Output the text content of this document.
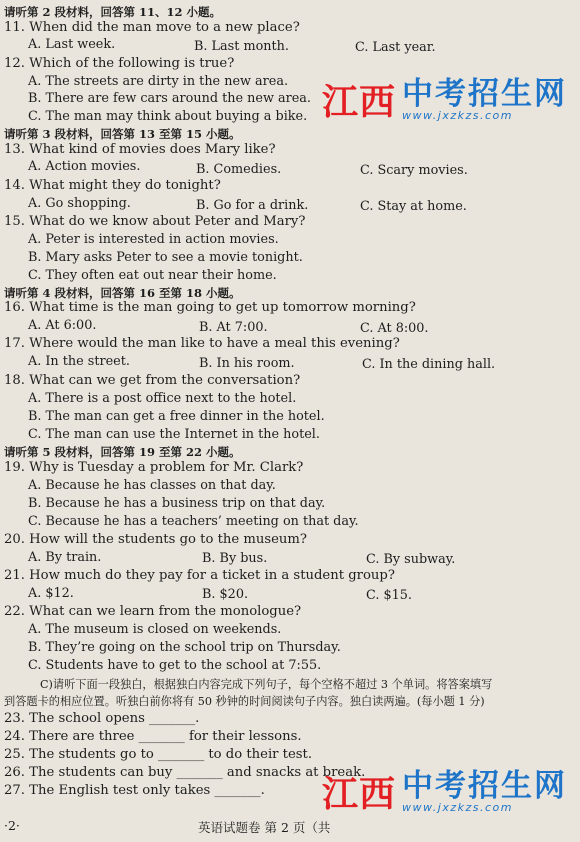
请听第 2 段材料，回答第 11、12 小题。
11. When did the man move to a new place?
A. Last week.	B. Last month.	C. Last year.
12. Which of the following is true?
A. The streets are dirty in the new area.
B. There are few cars around the new area.
C. The man may think about buying a bike.
请听第 3 段材料，回答第 13 至第 15 小题。
13. What kind of movies does Mary like?
A. Action movies.	B. Comedies.	C. Scary movies.
14. What might they do tonight?
A. Go shopping.	B. Go for a drink.	C. Stay at home.
15. What do we know about Peter and Mary?
A. Peter is interested in action movies.
B. Mary asks Peter to see a movie tonight.
C. They often eat out near their home.
请听第 4 段材料，回答第 16 至第 18 小题。
16. What time is the man going to get up tomorrow morning?
A. At 6:00.	B. At 7:00.	C. At 8:00.
17. Where would the man like to have a meal this evening?
A. In the street.	B. In his room.	C. In the dining hall.
18. What can we get from the conversation?
A. There is a post office next to the hotel.
B. The man can get a free dinner in the hotel.
C. The man can use the Internet in the hotel.
请听第 5 段材料，回答第 19 至第 22 小题。
19. Why is Tuesday a problem for Mr. Clark?
A. Because he has classes on that day.
B. Because he has a business trip on that day.
C. Because he has a teachers’ meeting on that day.
20. How will the students go to the museum?
A. By train.	B. By bus.	C. By subway.
21. How much do they pay for a ticket in a student group?
A. $12.	B. $20.	C. $15.
22. What can we learn from the monologue?
A. The museum is closed on weekends.
B. They’re going on the school trip on Thursday.
C. Students have to get to the school at 7:55.
C)请听下面一段独白，根据独白内容完成下列句子，每个空格不超过 3 个单词。将答案填写
到答题卡的相应位置。听独白前你将有 50 秒钟的时间阅读句子内容。独白读两遍。(每小题 1 分)
23. The school opens _______.
24. There are three _______ for their lessons.
25. The students go to _______ to do their test.
26. The students can buy _______ and snacks at break.
27. The English test only takes _______.
江西 中考招生网
www.jxzkzs.com
江西 中考招生网
www.jxzkzs.com
·2·	英语试题卷 第 2 页（共
